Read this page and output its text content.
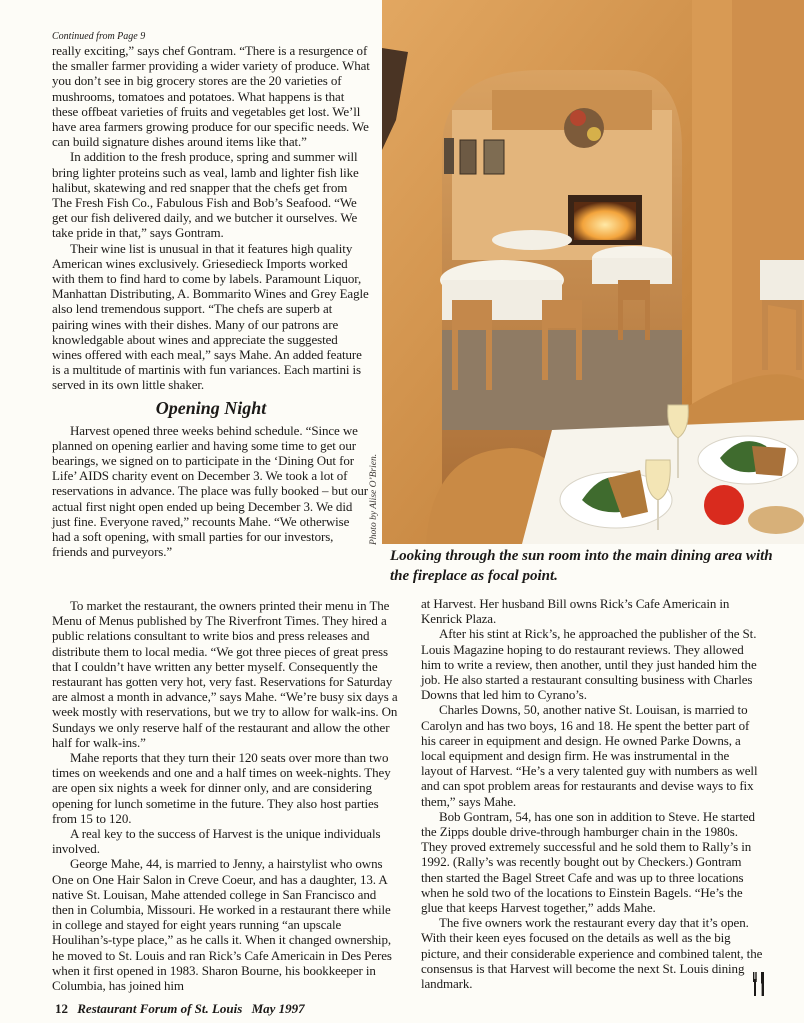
Continued from Page 9

really exciting,” says chef Gontram. “There is a resurgence of the smaller farmer providing a wider variety of produce. What you don’t see in big grocery stores are the 20 varieties of mushrooms, tomatoes and potatoes. What happens is that these offbeat varieties of fruits and vegetables get lost. We’ll have area farmers growing produce for our specific needs. We can build signature dishes around items like that.”

In addition to the fresh produce, spring and summer will bring lighter proteins such as veal, lamb and lighter fish like halibut, skatewing and red snapper that the chefs get from The Fresh Fish Co., Fabulous Fish and Bob’s Seafood. “We get our fish delivered daily, and we butcher it ourselves. We take pride in that,” says Gontram.

Their wine list is unusual in that it features high quality American wines exclusively. Griesedieck Imports worked with them to find hard to come by labels. Paramount Liquor, Manhattan Distributing, A. Bommarito Wines and Grey Eagle also lend tremendous support. “The chefs are superb at pairing wines with their dishes. Many of our patrons are knowledgable about wines and appreciate the suggested wines offered with each meal,” says Mahe. An added feature is a multitude of martinis with fun variances. Each martini is served in its own little shaker.

Opening Night

Harvest opened three weeks behind schedule. “Since we planned on opening earlier and having some time to get our bearings, we signed on to participate in the ‘Dining Out for Life’ AIDS charity event on December 3. We took a lot of reservations in advance. The place was fully booked – but our actual first night open ended up being December 3. We did just fine. Everyone raved,” recounts Mahe. “We otherwise had a soft opening, with small parties for our investors, friends and purveyors.”

Photo by Alise O’Brien.
Looking through the sun room into the main dining area with the fireplace as focal point.

To market the restaurant, the owners printed their menu in The Menu of Menus published by The Riverfront Times. They hired a public relations consultant to write bios and press releases and distribute them to local media. “We got three pieces of great press that I couldn’t have written any better myself. Consequently the restaurant has gotten very hot, very fast. Reservations for Saturday are almost a month in advance,” says Mahe. “We’re busy six days a week mostly with reservations, but we try to allow for walk-ins. On Sundays we only reserve half of the restaurant and allow the other half for walk-ins.”

Mahe reports that they turn their 120 seats over more than two times on weekends and one and a half times on week-nights. They are open six nights a week for dinner only, and are considering opening for lunch sometime in the future. They also host parties from 15 to 120.

A real key to the success of Harvest is the unique individuals involved.

George Mahe, 44, is married to Jenny, a hairstylist who owns One on One Hair Salon in Creve Coeur, and has a daughter, 13. A native St. Louisan, Mahe attended college in San Francisco and then in Columbia, Missouri. He worked in a restaurant there while in college and stayed for eight years running “an upscale Houlihan’s-type place,” as he calls it. When it changed ownership, he moved to St. Louis and ran Rick’s Cafe Americain in Des Peres when it first opened in 1983. Sharon Bourne, his bookkeeper in Columbia, has joined him

at Harvest. Her husband Bill owns Rick’s Cafe Americain in Kenrick Plaza.

After his stint at Rick’s, he approached the publisher of the St. Louis Magazine hoping to do restaurant reviews. They allowed him to write a review, then another, until they just handed him the job. He also started a restaurant consulting business with Charles Downs that led him to Cyrano’s.

Charles Downs, 50, another native St. Louisan, is married to Carolyn and has two boys, 16 and 18. He spent the better part of his career in equipment and design. He owned Parke Downs, a local equipment and design firm. He was instrumental in the layout of Harvest. “He’s a very talented guy with numbers as well and can spot problem areas for restaurants and devise ways to fix them,” says Mahe.

Bob Gontram, 54, has one son in addition to Steve. He started the Zipps double drive-through hamburger chain in the 1980s. They proved extremely successful and he sold them to Rally’s in 1992. (Rally’s was recently bought out by Checkers.) Gontram then started the Bagel Street Cafe and was up to three locations when he sold two of the locations to Einstein Bagels. “He’s the glue that keeps Harvest together,” adds Mahe.

The five owners work the restaurant every day that it’s open. With their keen eyes focused on the details as well as the big picture, and their considerable experience and combined talent, the consensus is that Harvest will become the next St. Louis dining landmark.

12 Restaurant Forum of St. Louis May 1997
